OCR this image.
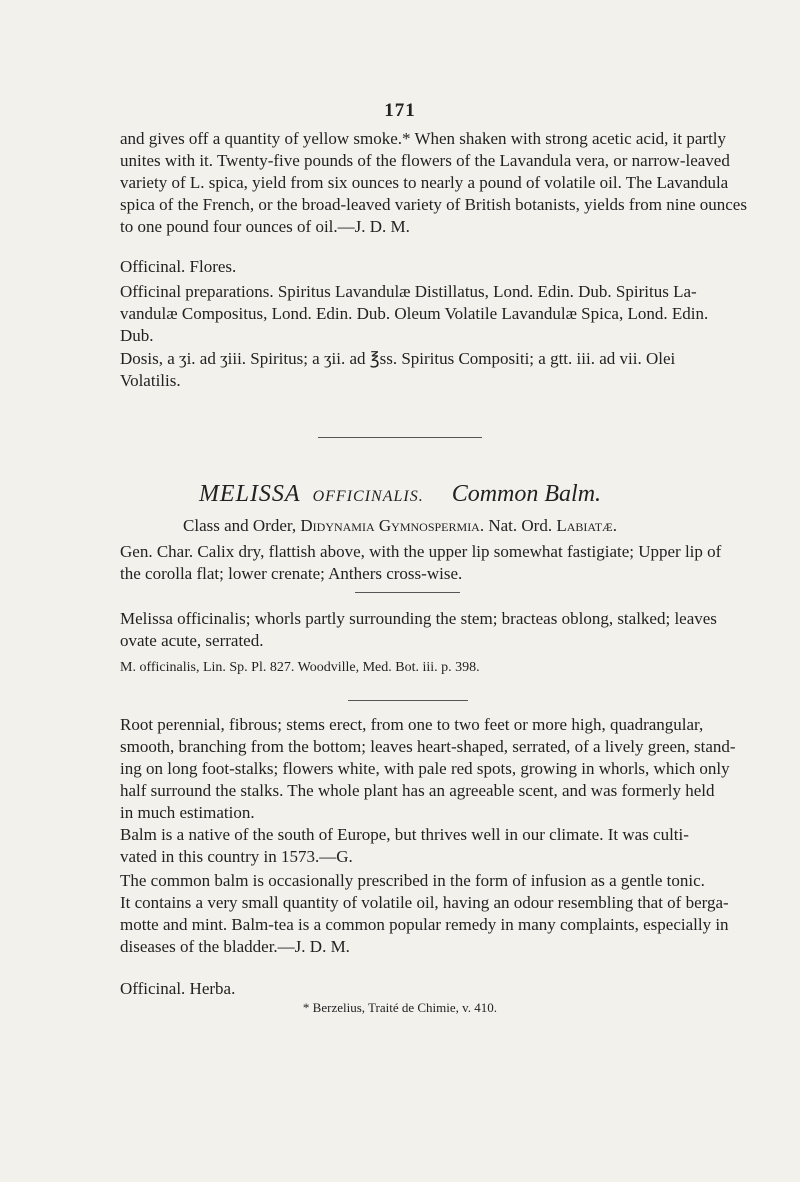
171

and gives off a quantity of yellow smoke.* When shaken with strong acetic acid, it partly
unites with it. Twenty-five pounds of the flowers of the Lavandula vera, or narrow-leaved
variety of L. spica, yield from six ounces to nearly a pound of volatile oil. The Lavandula
spica of the French, or the broad-leaved variety of British botanists, yields from nine ounces
to one pound four ounces of oil.—J. D. M.

Officinal. Flores.

Officinal preparations. Spiritus Lavandulæ Distillatus, Lond. Edin. Dub. Spiritus La-
vandulæ Compositus, Lond. Edin. Dub. Oleum Volatile Lavandulæ Spica, Lond. Edin.
Dub.

Dosis, a ʒi. ad ʒiii. Spiritus; a ʒii. ad ℥ss. Spiritus Compositi; a gtt. iii. ad vii. Olei
Volatilis.

MELISSA OFFICINALIS. Common Balm.

Class and Order, Didynamia Gymnospermia. Nat. Ord. Labiatæ.

Gen. Char. Calix dry, flattish above, with the upper lip somewhat fastigiate; Upper lip of
the corolla flat; lower crenate; Anthers cross-wise.

Melissa officinalis; whorls partly surrounding the stem; bracteas oblong, stalked; leaves
ovate acute, serrated.

M. officinalis, Lin. Sp. Pl. 827. Woodville, Med. Bot. iii. p. 398.

Root perennial, fibrous; stems erect, from one to two feet or more high, quadrangular,
smooth, branching from the bottom; leaves heart-shaped, serrated, of a lively green, stand-
ing on long foot-stalks; flowers white, with pale red spots, growing in whorls, which only
half surround the stalks. The whole plant has an agreeable scent, and was formerly held
in much estimation.

Balm is a native of the south of Europe, but thrives well in our climate. It was culti-
vated in this country in 1573.—G.

The common balm is occasionally prescribed in the form of infusion as a gentle tonic.
It contains a very small quantity of volatile oil, having an odour resembling that of berga-
motte and mint. Balm-tea is a common popular remedy in many complaints, especially in
diseases of the bladder.—J. D. M.

Officinal. Herba.

* Berzelius, Traité de Chimie, v. 410.
